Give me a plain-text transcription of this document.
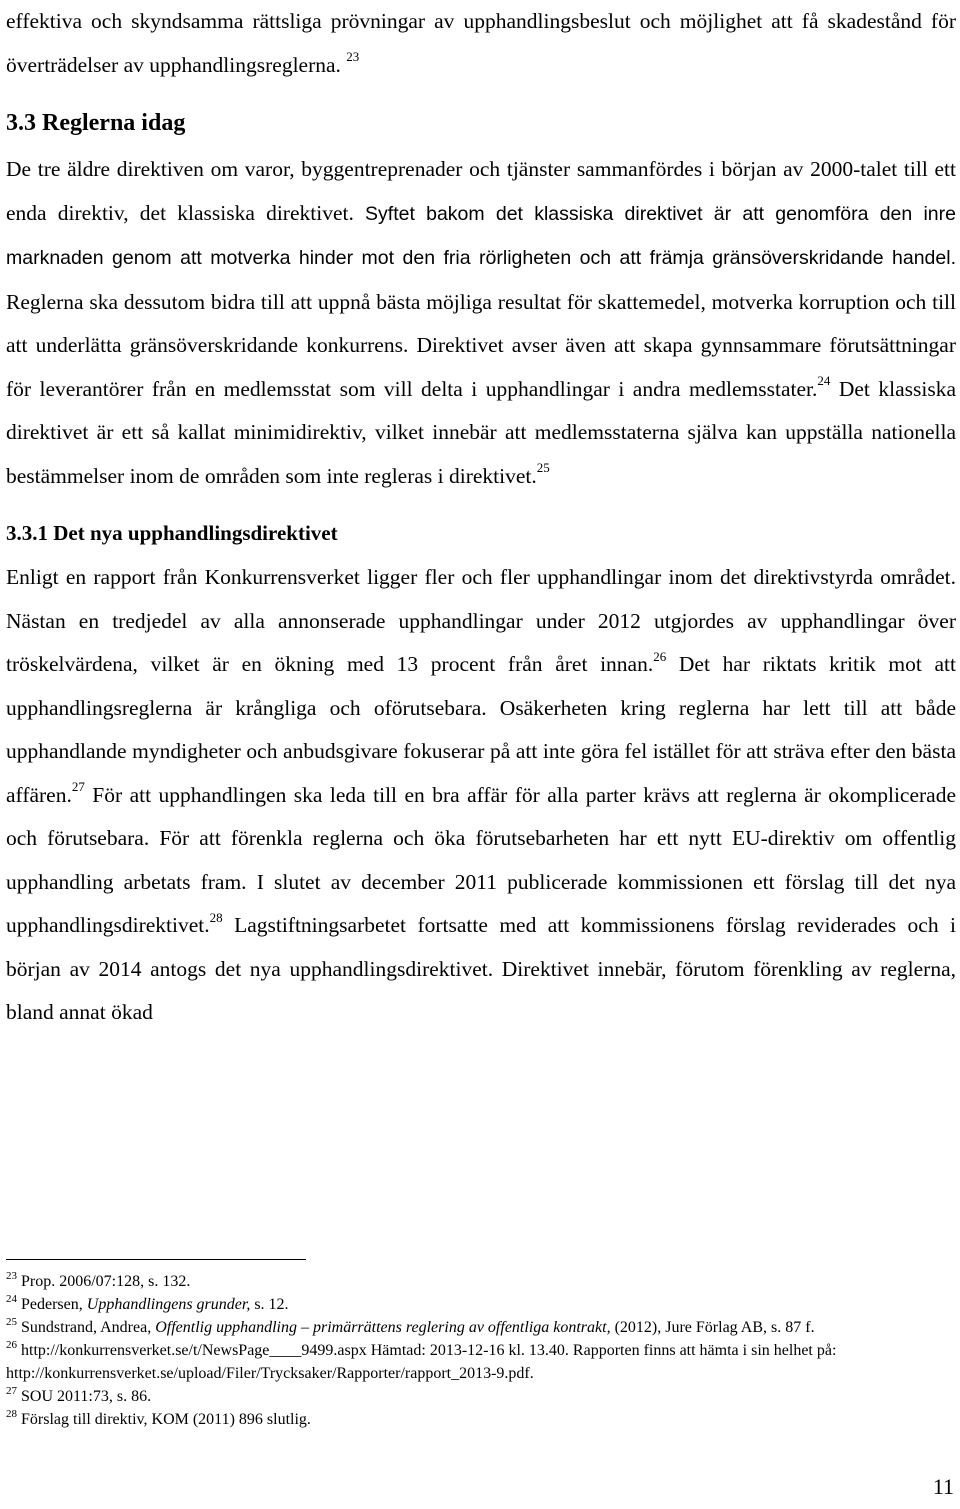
effektiva och skyndsamma rättsliga prövningar av upphandlingsbeslut och möjlighet att få skadestånd för överträdelser av upphandlingsreglerna. $^{23}$

3.3 Reglerna idag

De tre äldre direktiven om varor, byggentreprenader och tjänster sammanfördes i början av 2000-talet till ett enda direktiv, det klassiska direktivet. Syftet bakom det klassiska direktivet är att genomföra den inre marknaden genom att motverka hinder mot den fria rörligheten och att främja gränsöverskridande handel. Reglerna ska dessutom bidra till att uppnå bästa möjliga resultat för skattemedel, motverka korruption och till att underlätta gränsöverskridande konkurrens. Direktivet avser även att skapa gynnsammare förutsättningar för leverantörer från en medlemsstat som vill delta i upphandlingar i andra medlemsstater.$^{24}$ Det klassiska direktivet är ett så kallat minimidirektiv, vilket innebär att medlemsstaterna själva kan uppställa nationella bestämmelser inom de områden som inte regleras i direktivet.$^{25}$

3.3.1 Det nya upphandlingsdirektivet

Enligt en rapport från Konkurrensverket ligger fler och fler upphandlingar inom det direktivstyrda området. Nästan en tredjedel av alla annonserade upphandlingar under 2012 utgjordes av upphandlingar över tröskelvärdena, vilket är en ökning med 13 procent från året innan.$^{26}$ Det har riktats kritik mot att upphandlingsreglerna är krångliga och oförutsebara. Osäkerheten kring reglerna har lett till att både upphandlande myndigheter och anbudsgivare fokuserar på att inte göra fel istället för att sträva efter den bästa affären.$^{27}$ För att upphandlingen ska leda till en bra affär för alla parter krävs att reglerna är okomplicerade och förutsebara. För att förenkla reglerna och öka förutsebarheten har ett nytt EU-direktiv om offentlig upphandling arbetats fram. I slutet av december 2011 publicerade kommissionen ett förslag till det nya upphandlingsdirektivet.$^{28}$ Lagstiftningsarbetet fortsatte med att kommissionens förslag reviderades och i början av 2014 antogs det nya upphandlingsdirektivet. Direktivet innebär, förutom förenkling av reglerna, bland annat ökad

$^{23}$ Prop. 2006/07:128, s. 132.

$^{24}$ Pedersen, Upphandlingens grunder, s. 12.

$^{25}$ Sundstrand, Andrea, Offentlig upphandling – primärrättens reglering av offentliga kontrakt, (2012), Jure Förlag AB, s. 87 f.

$^{26}$ http://konkurrensverket.se/t/NewsPage____9499.aspx Hämtad: 2013-12-16 kl. 13.40. Rapporten finns att hämta i sin helhet på: http://konkurrensverket.se/upload/Filer/Trycksaker/Rapporter/rapport_2013-9.pdf.

$^{27}$ SOU 2011:73, s. 86.

$^{28}$ Förslag till direktiv, KOM (2011) 896 slutlig.

11
